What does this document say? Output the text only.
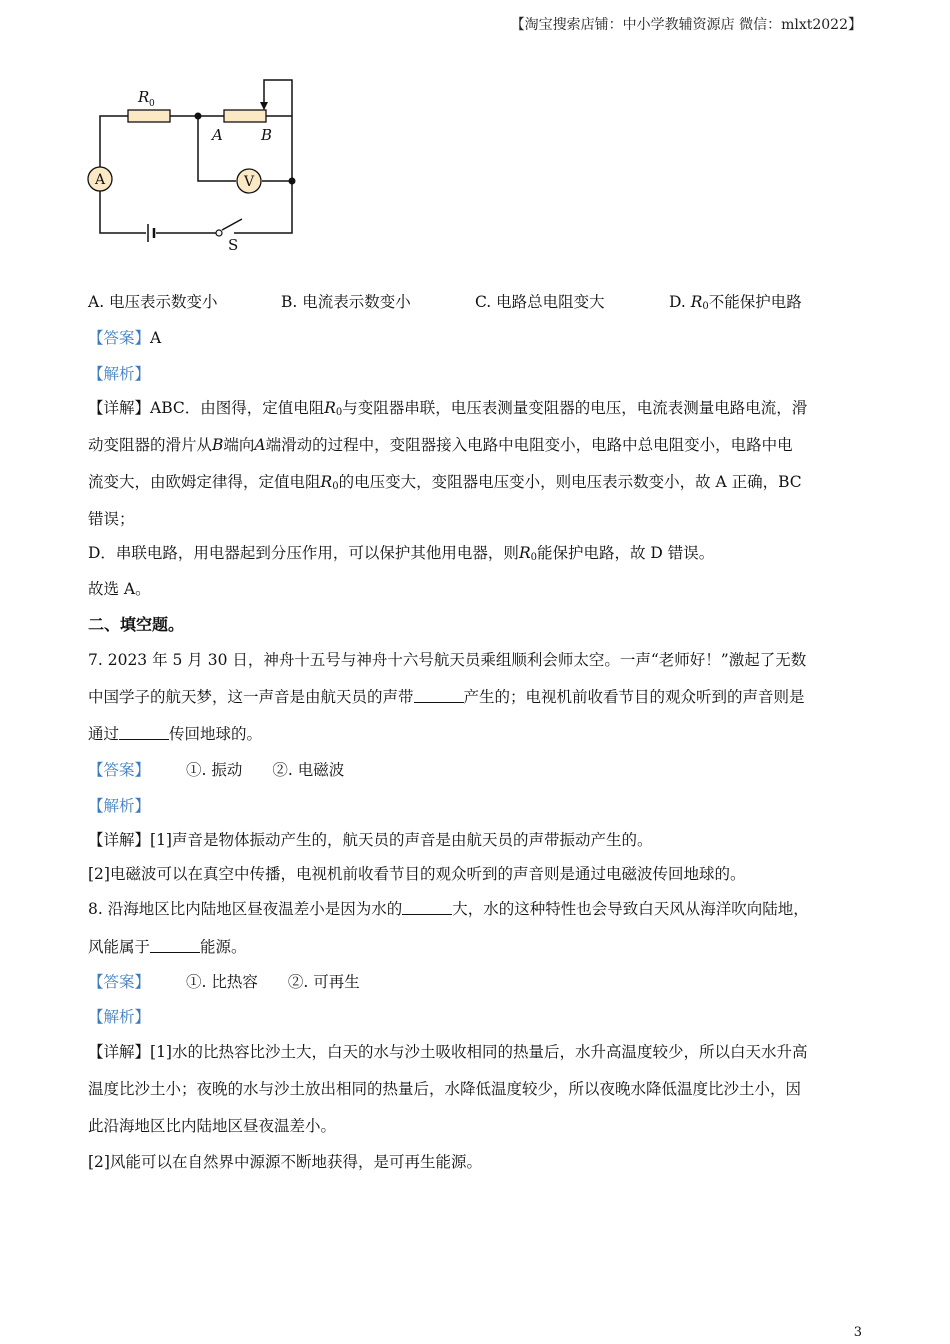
【淘宝搜索店铺：中小学教辅资源店 微信：mlxt2022】
A	V
R 0
A	B
S
A. 电压表示数变小	B. 电流表示数变小	C. 电路总电阻变大	D. $R_0$不能保护电路
【答案】A
【解析】
【详解】ABC．由图得，定值电阻$R_0$与变阻器串联，电压表测量变阻器的电压，电流表测量电路电流，滑
动变阻器的滑片从B端向A端滑动的过程中，变阻器接入电路中电阻变小，电路中总电阻变小，电路中电
流变大，由欧姆定律得，定值电阻$R_0$的电压变大，变阻器电压变小，则电压表示数变小，故 A 正确，BC
错误；
D．串联电路，用电器起到分压作用，可以保护其他用电器，则$R_0$能保护电路，故 D 错误。
故选 A。
二、填空题。
7. 2023 年 5 月 30 日，神舟十五号与神舟十六号航天员乘组顺利会师太空。一声“老师好！”激起了无数
中国学子的航天梦，这一声音是由航天员的声带	产生的；电视机前收看节目的观众听到的声音则是
通过	传回地球的。
【答案】 ①. 振动 ②. 电磁波
【解析】
【详解】[1]声音是物体振动产生的，航天员的声音是由航天员的声带振动产生的。
[2]电磁波可以在真空中传播，电视机前收看节目的观众听到的声音则是通过电磁波传回地球的。
8. 沿海地区比内陆地区昼夜温差小是因为水的	大，水的这种特性也会导致白天风从海洋吹向陆地，
风能属于	能源。
【答案】 ①. 比热容 ②. 可再生
【解析】
【详解】[1]水的比热容比沙土大，白天的水与沙土吸收相同的热量后，水升高温度较少，所以白天水升高
温度比沙土小；夜晚的水与沙土放出相同的热量后，水降低温度较少，所以夜晚水降低温度比沙土小，因
此沿海地区比内陆地区昼夜温差小。
[2]风能可以在自然界中源源不断地获得，是可再生能源。
3
